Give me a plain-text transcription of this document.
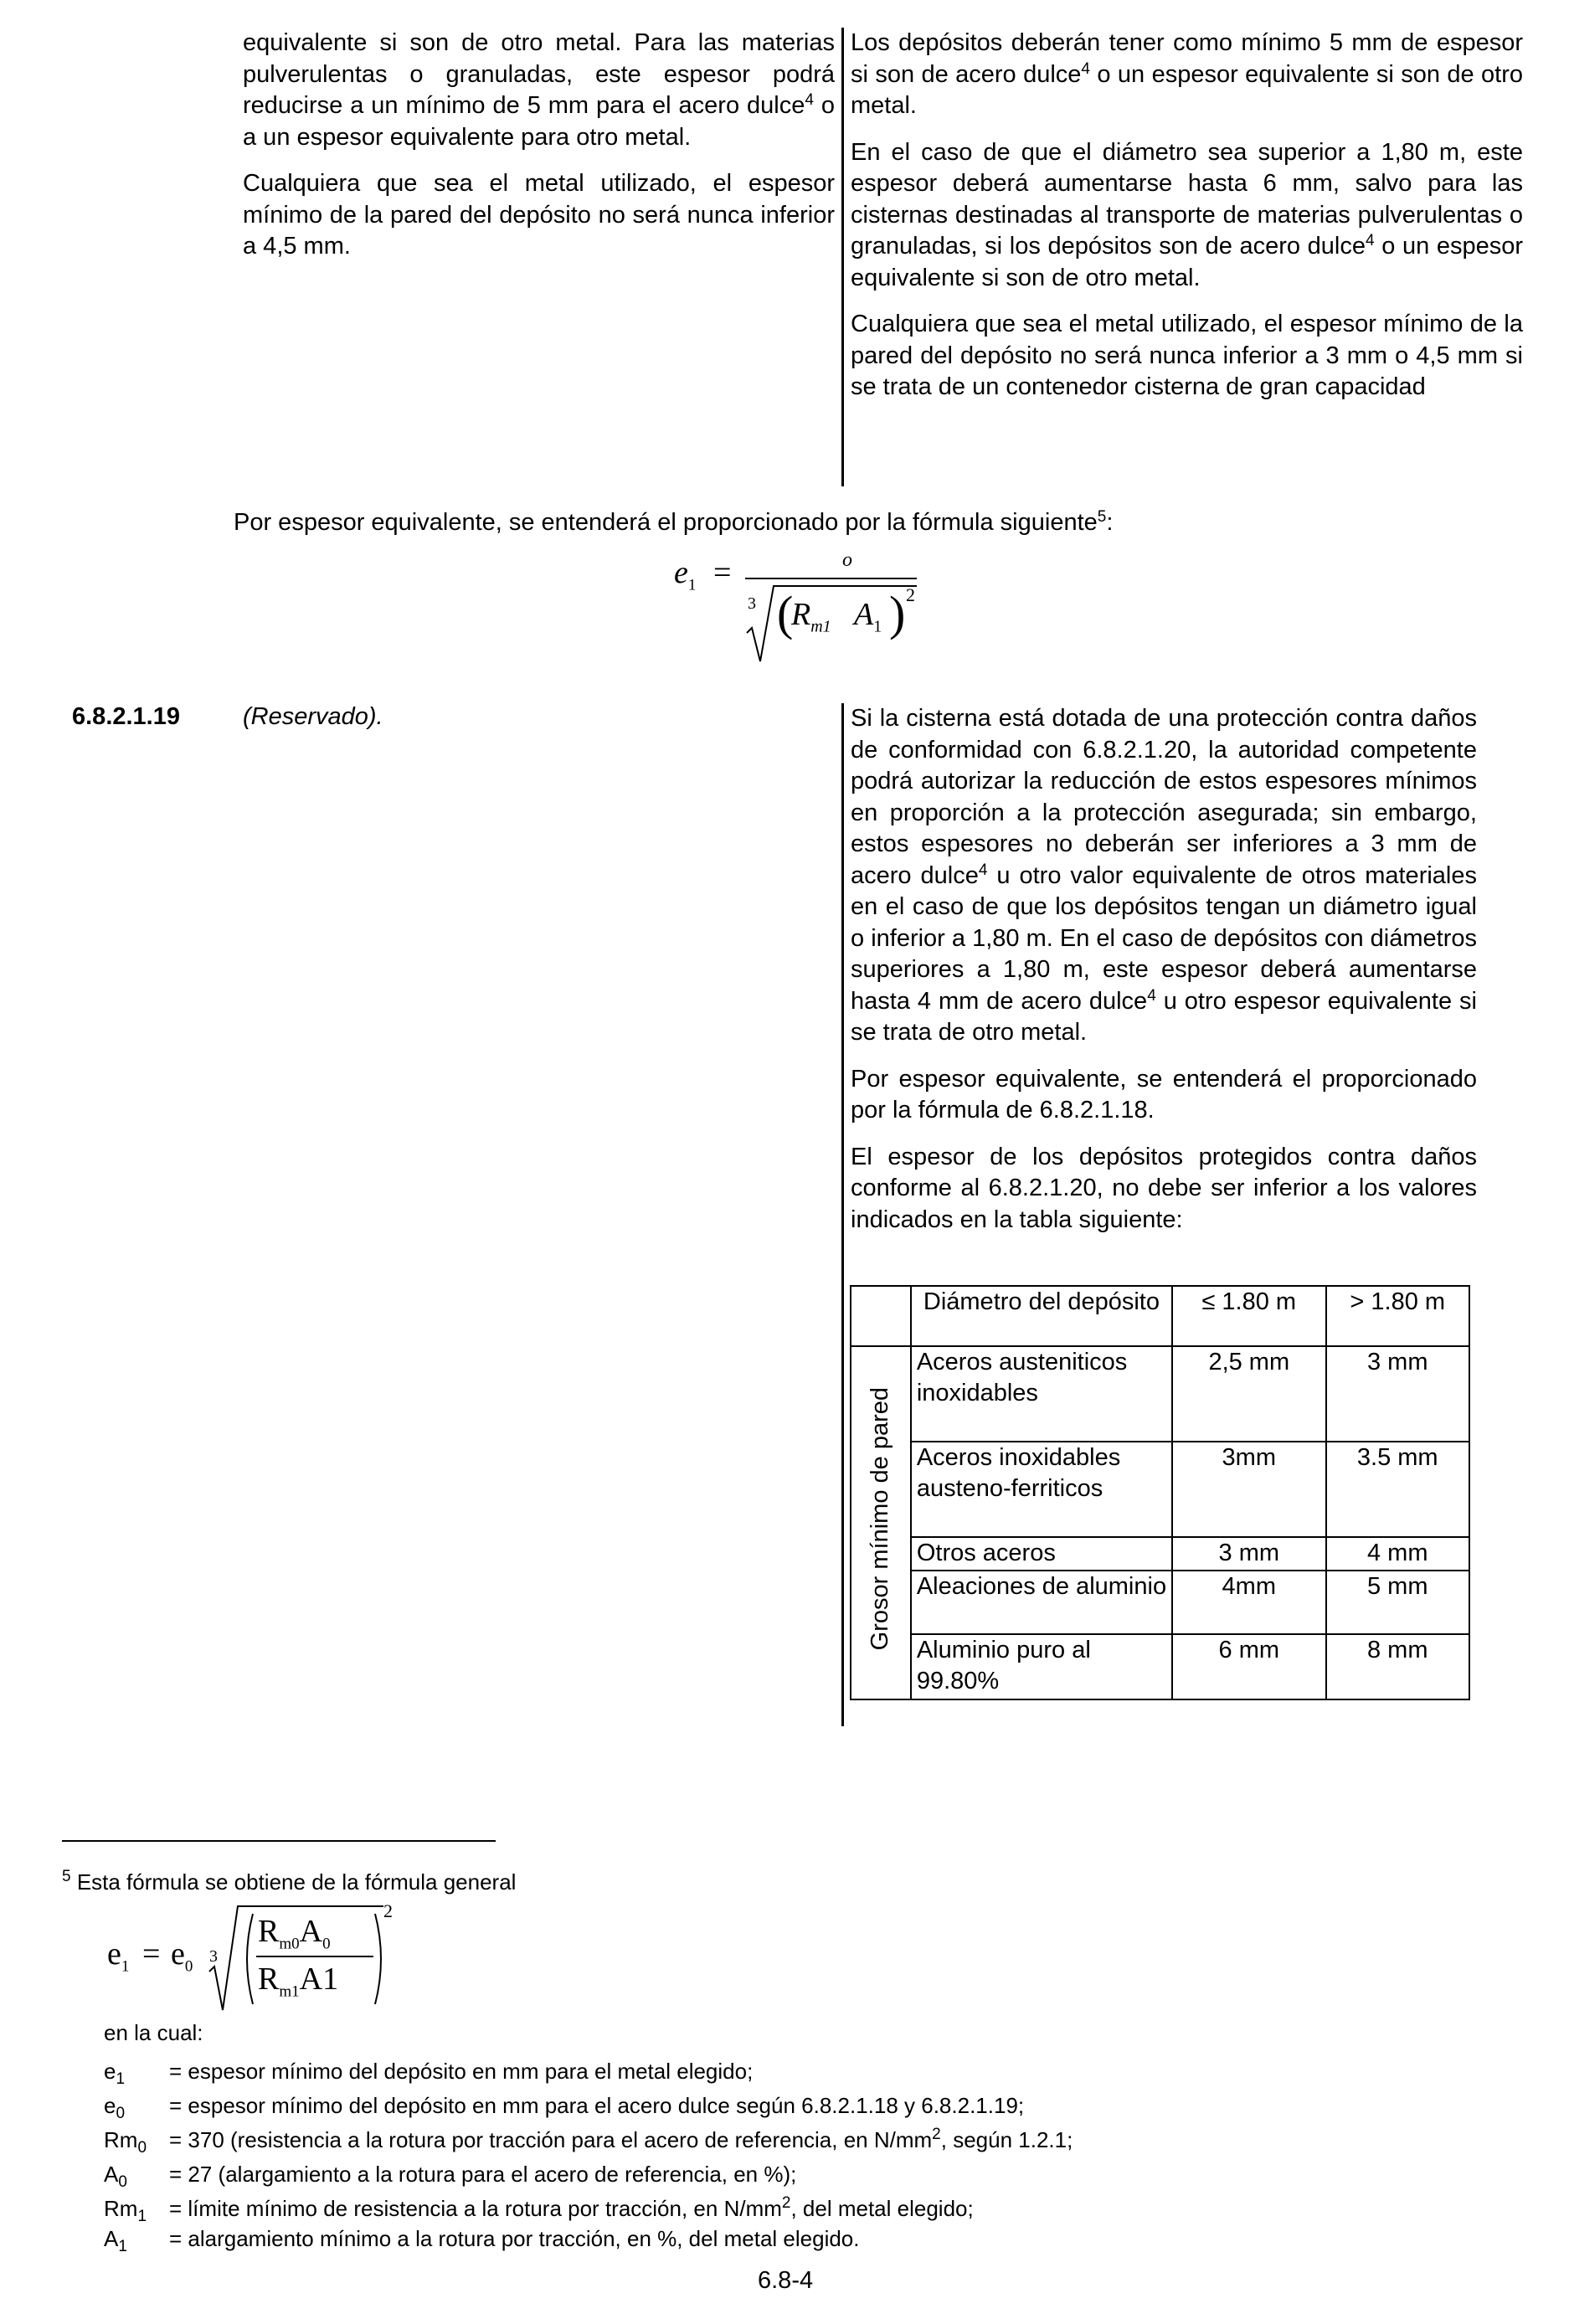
equivalente si son de otro metal. Para las materias pulverulentas o granuladas, este espesor podrá reducirse a un mínimo de 5 mm para el acero dulce$^4$ o a un espesor equivalente para otro metal.

Cualquiera que sea el metal utilizado, el espesor mínimo de la pared del depósito no será nunca inferior a 4,5 mm.

Los depósitos deberán tener como mínimo 5 mm de espesor si son de acero dulce$^4$ o un espesor equivalente si son de otro metal.

En el caso de que el diámetro sea superior a 1,80 m, este espesor deberá aumentarse hasta 6 mm, salvo para las cisternas destinadas al transporte de materias pulverulentas o granuladas, si los depósitos son de acero dulce$^4$ o un espesor equivalente si son de otro metal.

Cualquiera que sea el metal utilizado, el espesor mínimo de la pared del depósito no será nunca inferior a 3 mm o 4,5 mm si se trata de un contenedor cisterna de gran capacidad

Por espesor equivalente, se entenderá el proporcionado por la fórmula siguiente$^5$:
$e_1$ =	o
3 (
$R_{m1}$ $A_1$ ) 2
6.8.2.1.19	(Reservado).	Si la cisterna está dotada de una protección contra daños de conformidad con 6.8.2.1.20, la autoridad competente podrá autorizar la reducción de estos espesores mínimos en proporción a la protección asegurada; sin embargo, estos espesores no deberán ser inferiores a 3 mm de acero dulce$^4$ u otro valor equivalente de otros materiales en el caso de que los depósitos tengan un diámetro igual o inferior a 1,80 m. En el caso de depósitos con diámetros superiores a 1,80 m, este espesor deberá aumentarse hasta 4 mm de acero dulce$^4$ u otro espesor equivalente si se trata de otro metal.

Por espesor equivalente, se entenderá el proporcionado por la fórmula de 6.8.2.1.18.

El espesor de los depósitos protegidos contra daños conforme al 6.8.2.1.20, no debe ser inferior a los valores indicados en la tabla siguiente:

	Diámetro del depósito	≤ 1.80 m	> 1.80 m
Grosor mínimo de pared	Aceros austeniticos inoxidables	2,5 mm	3 mm
	Aceros inoxidables austeno-ferriticos	3mm	3.5 mm
	Otros aceros	3 mm	4 mm
	Aleaciones de aluminio	4mm	5 mm
	Aluminio puro al 99.80%	6 mm	8 mm
$^5$ Esta fórmula se obtiene de la fórmula general
$e_1 = e_0$
3
$R_{m0}A_0$
$R_{m1}A1$
2
en la cual:
$e_1$	= espesor mínimo del depósito en mm para el metal elegido;
$e_0$	= espesor mínimo del depósito en mm para el acero dulce según 6.8.2.1.18 y 6.8.2.1.19;
$Rm_0$	= 370 (resistencia a la rotura por tracción para el acero de referencia, en $N/mm^2$, según 1.2.1;
$A_0$	= 27 (alargamiento a la rotura para el acero de referencia, en %);
$Rm_1$	= límite mínimo de resistencia a la rotura por tracción, en $N/mm^2$, del metal elegido;
$A_1$	= alargamiento mínimo a la rotura por tracción, en %, del metal elegido.
6.8-4
